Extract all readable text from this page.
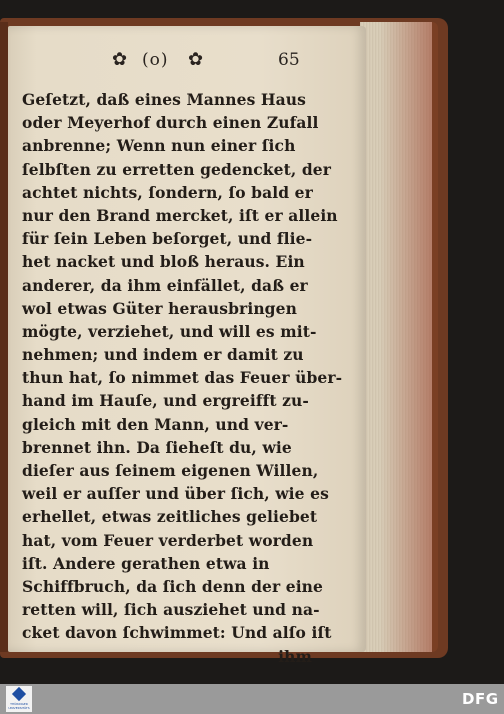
✿ (o) ✿	65
Geſetzt, daß eines Mannes Haus
oder Meyerhof durch einen Zufall
anbrenne; Wenn nun einer ſich
ſelbſten zu erretten gedencket, der
achtet nichts, ſondern, ſo bald er
nur den Brand mercket, iſt er allein
für ſein Leben beſorget, und flie-
het nacket und bloß heraus. Ein
anderer, da ihm einfället, daß er
wol etwas Güter herausbringen
mögte, verziehet, und will es mit-
nehmen; und indem er damit zu
thun hat, ſo nimmet das Feuer über-
hand im Hauſe, und ergreifft zu-
gleich mit den Mann, und ver-
brennet ihn. Da ſieheſt du, wie
dieſer aus ſeinem eigenen Willen,
weil er auſſer und über ſich, wie es
erhellet, etwas zeitliches geliebet
hat, vom Feuer verderbet worden
iſt. Andere gerathen etwa in
Schiffbruch, da ſich denn der eine
retten will, ſich ausziehet und na-
cket davon ſchwimmet: Und alſo iſt
ihm
THÜRINGER UNIVERSITÄTS	DFG
